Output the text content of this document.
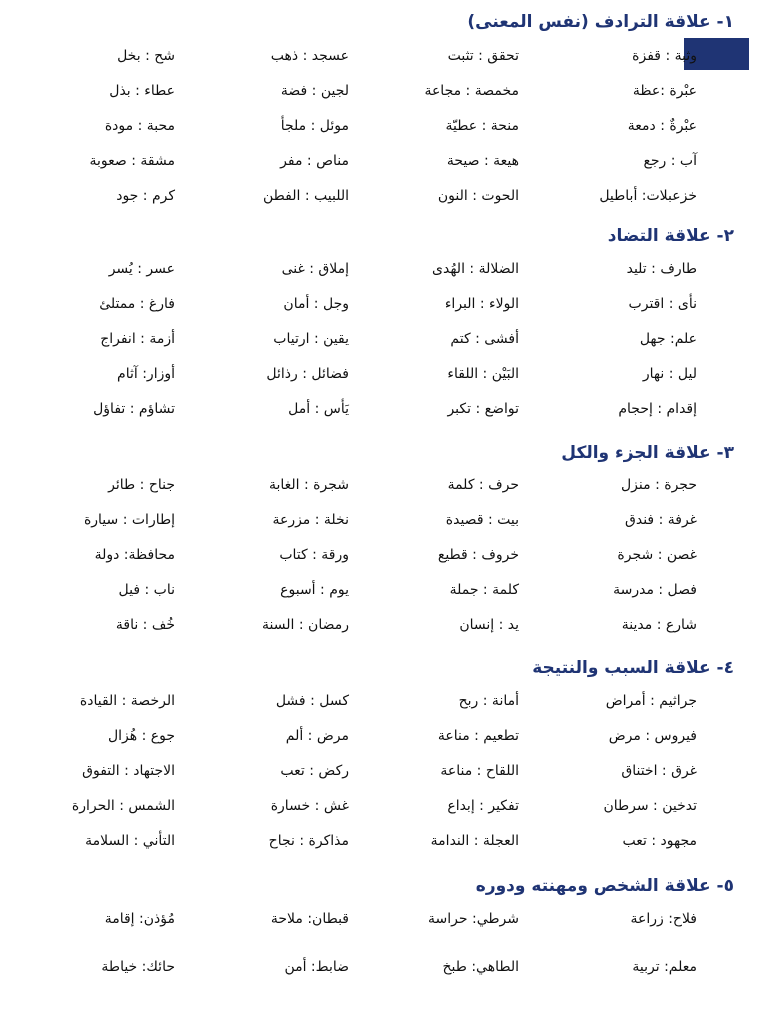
١- علاقة الترادف (نفس المعنى)
وثبة : قفزة
تحقق : تثبت
عسجد : ذهب
شح : بخل
عبْرة :عظة
مخمصة : مجاعة
لجين : فضة
عطاء : بذل
عبْرةٌ : دمعة
منحة : عطيّة
موئل : ملجأ
محبة : مودة
آب : رجع
هيعة : صيحة
مناص : مفر
مشقة : صعوبة
خزعبلات: أباطيل
الحوت : النون
اللبيب : الفطن
كرم : جود
٢- علاقة التضاد
طارف : تليد
الضلالة : الهُدى
إملاق : غنى
عسر : يُسر
نأى : اقترب
الولاء : البراء
وجل : أمان
فارغ : ممتلئ
علم: جهل
أفشى : كتم
يقين : ارتياب
أزمة : انفراج
ليل : نهار
البَيْن : اللقاء
فضائل : رذائل
أوزار: آثام
إقدام : إحجام
تواضع : تكبر
يَأس : أمل
تشاؤم : تفاؤل
٣- علاقة الجزء والكل
حجرة : منزل
حرف : كلمة
شجرة : الغابة
جناح : طائر
غرفة : فندق
بيت : قصيدة
نخلة : مزرعة
إطارات : سيارة
غصن : شجرة
خروف : قطيع
ورقة : كتاب
محافظة: دولة
فصل : مدرسة
كلمة : جملة
يوم : أسبوع
ناب : فيل
شارع : مدينة
يد : إنسان
رمضان : السنة
خُف : ناقة
٤- علاقة السبب والنتيجة
جراثيم : أمراض
أمانة : ربح
كسل : فشل
الرخصة : القيادة
فيروس : مرض
تطعيم : مناعة
مرض : ألم
جوع : هُزال
غرق : اختناق
اللقاح : مناعة
ركض : تعب
الاجتهاد : التفوق
تدخين : سرطان
تفكير : إبداع
غش : خسارة
الشمس : الحرارة
مجهود : تعب
العجلة : الندامة
مذاكرة : نجاح
التأني : السلامة
٥- علاقة الشخص ومهنته ودوره
فلاح: زراعة
شرطي: حراسة
قبطان: ملاحة
مُؤذن: إقامة
معلم: تربية
الطاهي: طبخ
ضابط: أمن
حائك: خياطة
